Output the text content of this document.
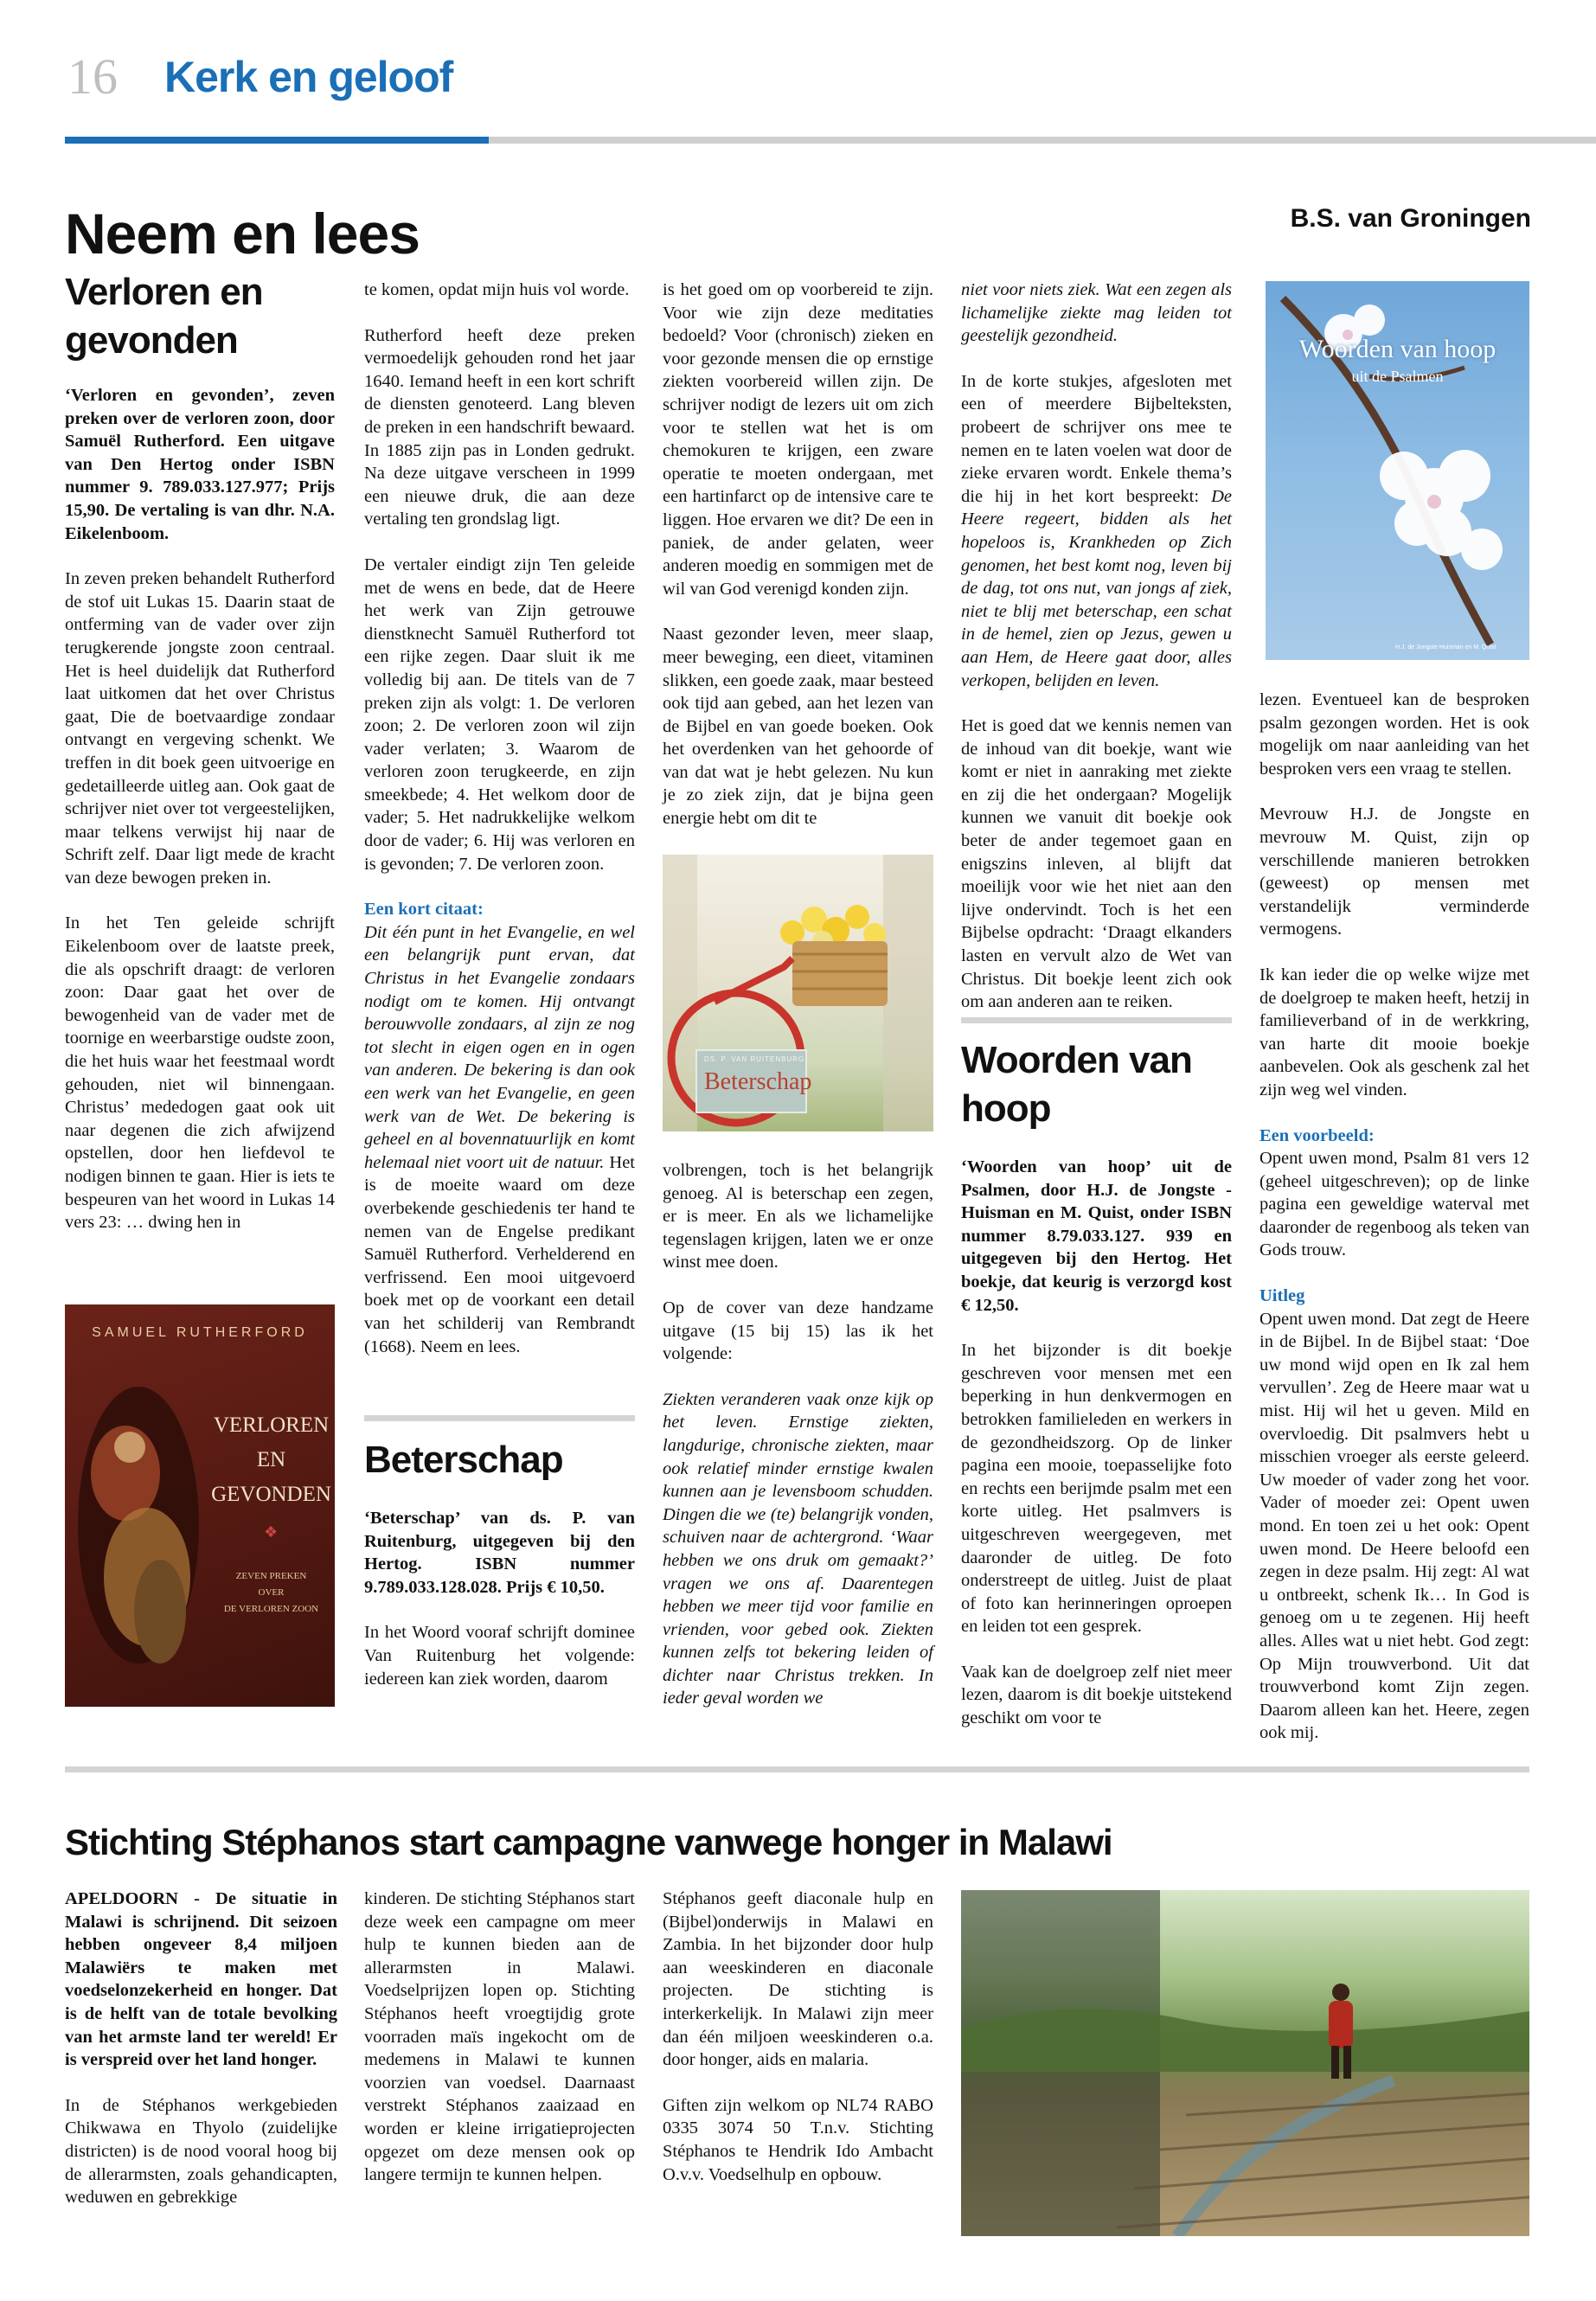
16 Kerk en geloof
Neem en lees	B.S. van Groningen
Verloren en gevonden

‘Verloren en gevonden’, zeven preken over de verloren zoon, door Samuël Rutherford. Een uitgave van Den Hertog onder ISBN nummer 9. 789.033.127.977; Prijs 15,90. De vertaling is van dhr. N.A. Eikelenboom.

In zeven preken behandelt Rutherford de stof uit Lukas 15. Daarin staat de ontferming van de vader over zijn terugkerende jongste zoon centraal. Het is heel duidelijk dat Rutherford laat uitkomen dat het over Christus gaat, Die de boetvaardige zondaar ontvangt en vergeving schenkt. We treffen in dit boek geen uitvoerige en gedetailleerde uitleg aan. Ook gaat de schrijver niet over tot vergeestelijken, maar telkens verwijst hij naar de Schrift zelf. Daar ligt mede de kracht van deze bewogen preken in.

In het Ten geleide schrijft Eikelenboom over de laatste preek, die als opschrift draagt: de verloren zoon: Daar gaat het over de bewogenheid van de vader met de toornige en weerbarstige oudste zoon, die het huis waar het feestmaal wordt gehouden, niet wil binnengaan. Christus’ mededogen gaat ook uit naar degenen die zich afwijzend opstellen, door hen liefdevol te nodigen binnen te gaan. Hier is iets te bespeuren van het woord in Lukas 14 vers 23: … dwing hen in

SAMUEL RUTHERFORD
VERLOREN
EN
GEVONDEN
❖
ZEVEN PREKEN
OVER
DE VERLOREN ZOON

te komen, opdat mijn huis vol worde.

Rutherford heeft deze preken vermoedelijk gehouden rond het jaar 1640. Iemand heeft in een kort schrift de diensten genoteerd. Lang bleven de preken in een handschrift bewaard. In 1885 zijn pas in Londen gedrukt. Na deze uitgave verscheen in 1999 een nieuwe druk, die aan deze vertaling ten grondslag ligt.

De vertaler eindigt zijn Ten geleide met de wens en bede, dat de Heere het werk van Zijn getrouwe dienstknecht Samuël Rutherford tot een rijke zegen. Daar sluit ik me volledig bij aan. De titels van de 7 preken zijn als volgt: 1. De verloren zoon; 2. De verloren zoon wil zijn vader verlaten; 3. Waarom de verloren zoon terugkeerde, en zijn smeekbede; 4. Het welkom door de vader; 5. Het nadrukkelijke welkom door de vader; 6. Hij was verloren en is gevonden; 7. De verloren zoon.

Een kort citaat:

Dit één punt in het Evangelie, en wel een belangrijk punt ervan, dat Christus in het Evangelie zondaars nodigt om te komen. Hij ontvangt berouwvolle zondaars, al zijn ze nog tot slecht in eigen ogen en in ogen van anderen. De bekering is dan ook een werk van het Evangelie, en geen werk van de Wet. De bekering is geheel en al bovennatuurlijk en komt helemaal niet voort uit de natuur. Het is de moeite waard om deze overbekende geschiedenis ter hand te nemen van de Engelse predikant Samuël Rutherford. Verhelderend en verfrissend. Een mooi uitgevoerd boek met op de voorkant een detail van het schilderij van Rembrandt (1668). Neem en lees.
Beterschap

‘Beterschap’ van ds. P. van Ruitenburg, uitgegeven bij den Hertog. ISBN nummer 9.789.033.128.028. Prijs € 10,50.

In het Woord vooraf schrijft dominee Van Ruitenburg het volgende: iedereen kan ziek worden, daarom

is het goed om op voorbereid te zijn. Voor wie zijn deze meditaties bedoeld? Voor (chronisch) zieken en voor gezonde mensen die op ernstige ziekten voorbereid willen zijn. De schrijver nodigt de lezers uit om zich voor te stellen wat het is om chemokuren te krijgen, een zware operatie te moeten ondergaan, met een hartinfarct op de intensive care te liggen. Hoe ervaren we dit? De een in paniek, de ander gelaten, weer anderen moedig en sommigen met de wil van God verenigd konden zijn.

Naast gezonder leven, meer slaap, meer beweging, een dieet, vitaminen slikken, een goede zaak, maar besteed ook tijd aan gebed, aan het lezen van de Bijbel en van goede boeken. Ook het overdenken van het gehoorde of van dat wat je hebt gelezen. Nu kun je zo ziek zijn, dat je bijna geen energie hebt om dit te

DS. P. VAN RUITENBURG
Beterschap

volbrengen, toch is het belangrijk genoeg. Al is beterschap een zegen, er is meer. En als we lichamelijke tegenslagen krijgen, laten we er onze winst mee doen.

Op de cover van deze handzame uitgave (15 bij 15) las ik het volgende:

Ziekten veranderen vaak onze kijk op het leven. Ernstige ziekten, langdurige, chronische ziekten, maar ook relatief minder ernstige kwalen kunnen aan je levensboom schudden. Dingen die we (te) belangrijk vonden, schuiven naar de achtergrond. ‘Waar hebben we ons druk om gemaakt?’ vragen we ons af. Daarentegen hebben we meer tijd voor familie en vrienden, voor gebed ook. Ziekten kunnen zelfs tot bekering leiden of dichter naar Christus trekken. In ieder geval worden we

niet voor niets ziek. Wat een zegen als lichamelijke ziekte mag leiden tot geestelijk gezondheid.

In de korte stukjes, afgesloten met een of meerdere Bijbelteksten, probeert de schrijver ons mee te nemen en te laten voelen wat door de zieke ervaren wordt. Enkele thema’s die hij in het kort bespreekt: De Heere regeert, bidden als het hopeloos is, Krankheden op Zich genomen, het best komt nog, leven bij de dag, tot ons nut, van jongs af ziek, niet te blij met beterschap, een schat in de hemel, zien op Jezus, gewen u aan Hem, de Heere gaat door, alles verkopen, belijden en leven.

Het is goed dat we kennis nemen van de inhoud van dit boekje, want wie komt er niet in aanraking met ziekte en zij die het ondergaan? Mogelijk kunnen we vanuit dit boekje ook beter de ander tegemoet gaan en enigszins inleven, al blijft dat moeilijk voor wie het niet aan den lijve ondervindt. Toch is het een Bijbelse opdracht: ‘Draagt elkanders lasten en vervult alzo de Wet van Christus. Dit boekje leent zich ook om aan anderen aan te reiken.

Woorden van hoop

‘Woorden van hoop’ uit de Psalmen, door H.J. de Jongste - Huisman en M. Quist, onder ISBN nummer 8.79.033.127. 939 en uitgegeven bij den Hertog. Het boekje, dat keurig is verzorgd kost € 12,50.

In het bijzonder is dit boekje geschreven voor mensen met een beperking in hun denkvermogen en betrokken familieleden en werkers in de gezondheidszorg. Op de linker pagina een mooie, toepasselijke foto en rechts een berijmde psalm met een korte uitleg. Het psalmvers is uitgeschreven weergegeven, met daaronder de uitleg. De foto onderstreept de uitleg. Juist de plaat of foto kan herinneringen oproepen en leiden tot een gesprek.

Vaak kan de doelgroep zelf niet meer lezen, daarom is dit boekje uitstekend geschikt om voor te

Woorden van hoop
uit de Psalmen
H.J. de Jongste-Huisman en M. Quist

lezen. Eventueel kan de besproken psalm gezongen worden. Het is ook mogelijk om naar aanleiding van het besproken vers een vraag te stellen.

Mevrouw H.J. de Jongste en mevrouw M. Quist, zijn op verschillende manieren betrokken (geweest) op mensen met verstandelijk verminderde vermogens.

Ik kan ieder die op welke wijze met de doelgroep te maken heeft, hetzij in familieverband of in de werkkring, van harte dit mooie boekje aanbevelen. Ook als geschenk zal het zijn weg wel vinden.

Een voorbeeld:

Opent uwen mond, Psalm 81 vers 12 (geheel uitgeschreven); op de linke pagina een geweldige waterval met daaronder de regenboog als teken van Gods trouw.

Uitleg

Opent uwen mond. Dat zegt de Heere in de Bijbel. In de Bijbel staat: ‘Doe uw mond wijd open en Ik zal hem vervullen’. Zeg de Heere maar wat u mist. Hij wil het u geven. Mild en overvloedig. Dit psalmvers hebt u misschien vroeger als eerste geleerd. Uw moeder of vader zong het voor. Vader of moeder zei: Opent uwen mond. En toen zei u het ook: Opent uwen mond. De Heere beloofd een zegen in deze psalm. Hij zegt: Al wat u ontbreekt, schenk Ik… In God is genoeg om u te zegenen. Hij heeft alles. Alles wat u niet hebt. God zegt: Op Mijn trouwverbond. Uit dat trouwverbond komt Zijn zegen. Daarom alleen kan het. Heere, zegen ook mij.

Stichting Stéphanos start campagne vanwege honger in Malawi

APELDOORN - De situatie in Malawi is schrijnend. Dit seizoen hebben ongeveer 8,4 miljoen Malawiërs te maken met voedselonzekerheid en honger. Dat is de helft van de totale bevolking van het armste land ter wereld! Er is verspreid over het land honger.

In de Stéphanos werkgebieden Chikwawa en Thyolo (zuidelijke districten) is de nood vooral hoog bij de allerarmsten, zoals gehandicapten, weduwen en gebrekkige

kinderen. De stichting Stéphanos start deze week een campagne om meer hulp te kunnen bieden aan de allerarmsten in Malawi. Voedselprijzen lopen op. Stichting Stéphanos heeft vroegtijdig grote voorraden maïs ingekocht om de medemens in Malawi te kunnen voorzien van voedsel. Daarnaast verstrekt Stéphanos zaaizaad en worden er kleine irrigatieprojecten opgezet om deze mensen ook op langere termijn te kunnen helpen.

Stéphanos geeft diaconale hulp en (Bijbel)onderwijs in Malawi en Zambia. In het bijzonder door hulp aan weeskinderen en diaconale projecten. De stichting is interkerkelijk. In Malawi zijn meer dan één miljoen weeskinderen o.a. door honger, aids en malaria.

Giften zijn welkom op NL74 RABO 0335 3074 50 T.n.v. Stichting Stéphanos te Hendrik Ido Ambacht O.v.v. Voedselhulp en opbouw.
